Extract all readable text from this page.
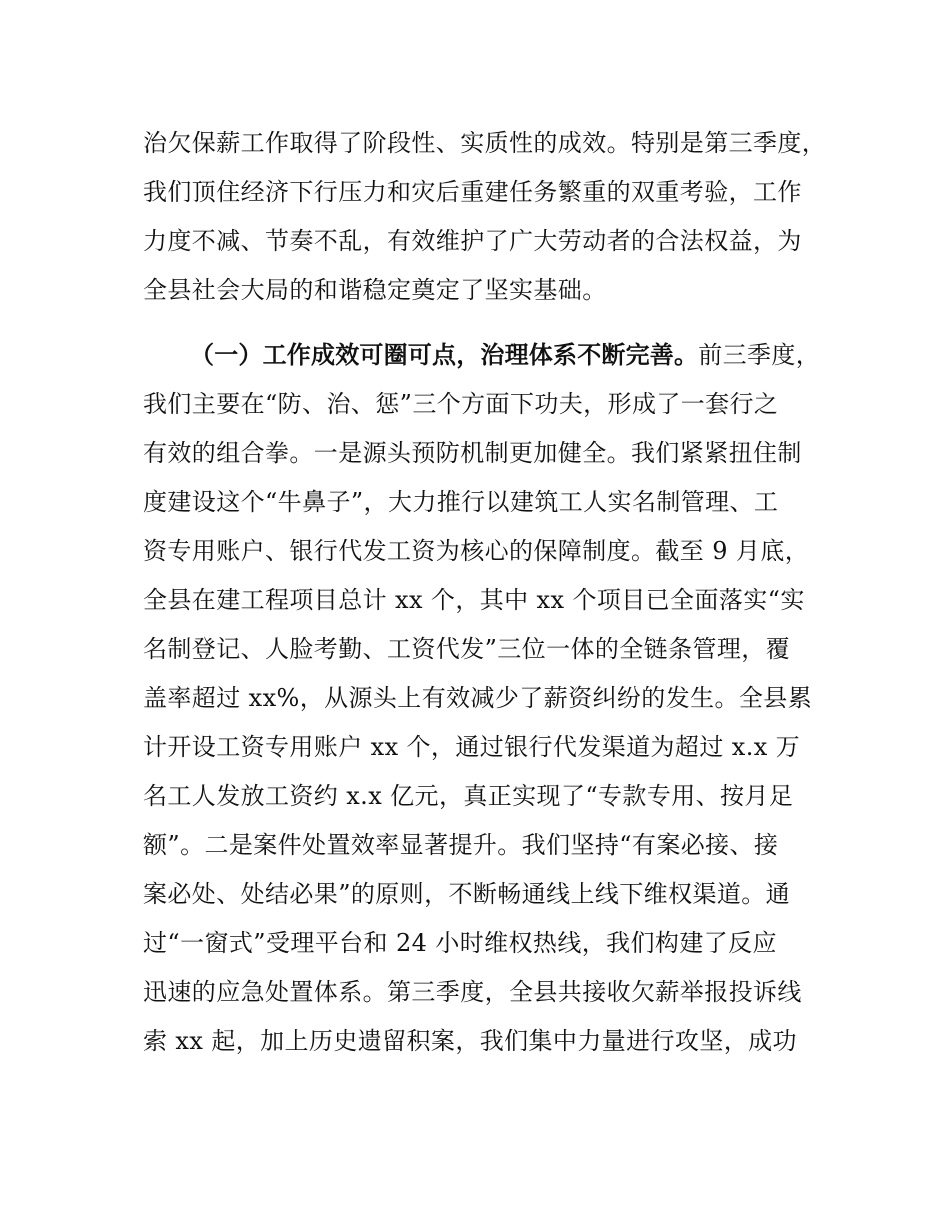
治欠保薪工作取得了阶段性、实质性的成效。特别是第三季度，
我们顶住经济下行压力和灾后重建任务繁重的双重考验，工作
力度不减、节奏不乱，有效维护了广大劳动者的合法权益，为
全县社会大局的和谐稳定奠定了坚实基础。
（一）工作成效可圈可点，治理体系不断完善。前三季度，
我们主要在“防、治、惩”三个方面下功夫，形成了一套行之
有效的组合拳。一是源头预防机制更加健全。我们紧紧扭住制
度建设这个“牛鼻子”，大力推行以建筑工人实名制管理、工
资专用账户、银行代发工资为核心的保障制度。截至 9 月底，
全县在建工程项目总计 xx 个，其中 xx 个项目已全面落实“实
名制登记、人脸考勤、工资代发”三位一体的全链条管理，覆
盖率超过 xx%，从源头上有效减少了薪资纠纷的发生。全县累
计开设工资专用账户 xx 个，通过银行代发渠道为超过 x.x 万
名工人发放工资约 x.x 亿元，真正实现了“专款专用、按月足
额”。二是案件处置效率显著提升。我们坚持“有案必接、接
案必处、处结必果”的原则，不断畅通线上线下维权渠道。通
过“一窗式”受理平台和 24 小时维权热线，我们构建了反应
迅速的应急处置体系。第三季度，全县共接收欠薪举报投诉线
索 xx 起，加上历史遗留积案，我们集中力量进行攻坚，成功
